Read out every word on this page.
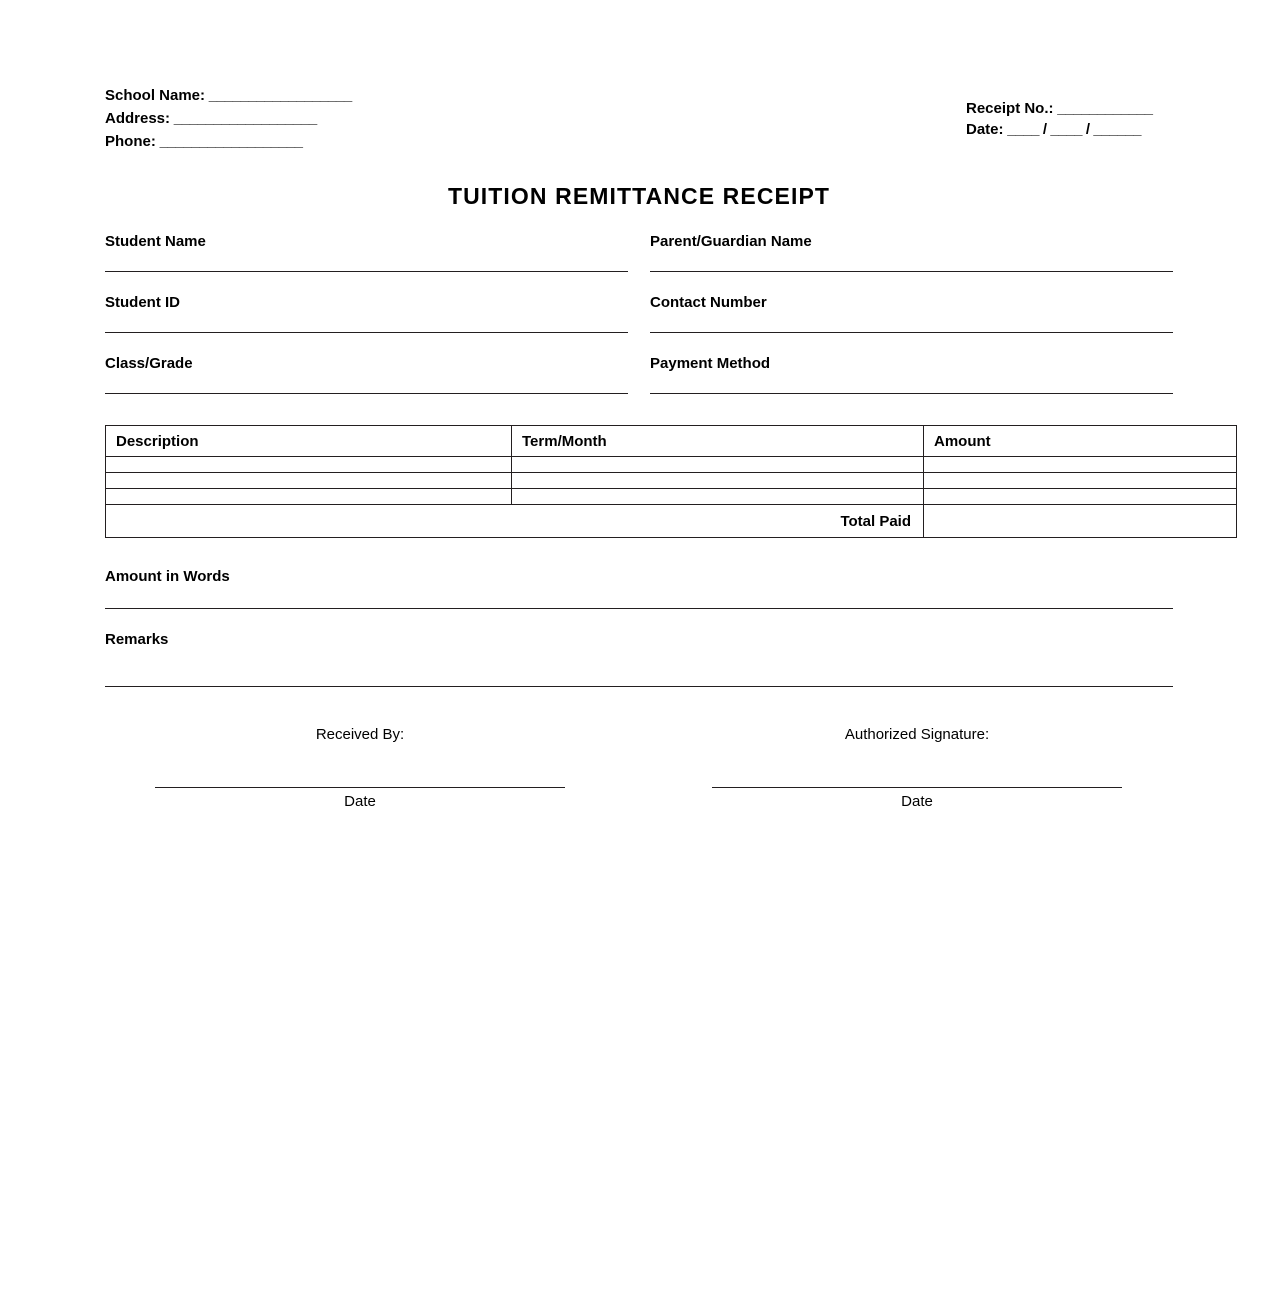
School Name: __________________
Address: __________________
Phone: __________________
Receipt No.: ____________
Date: ____ / ____ / ______
TUITION REMITTANCE RECEIPT
Student Name	Parent/Guardian Name
Student ID	Contact Number
Class/Grade	Payment Method
Description	Term/Month	Amount

Total Paid		
Amount in Words
Remarks
Received By:
Date
Authorized Signature:
Date
